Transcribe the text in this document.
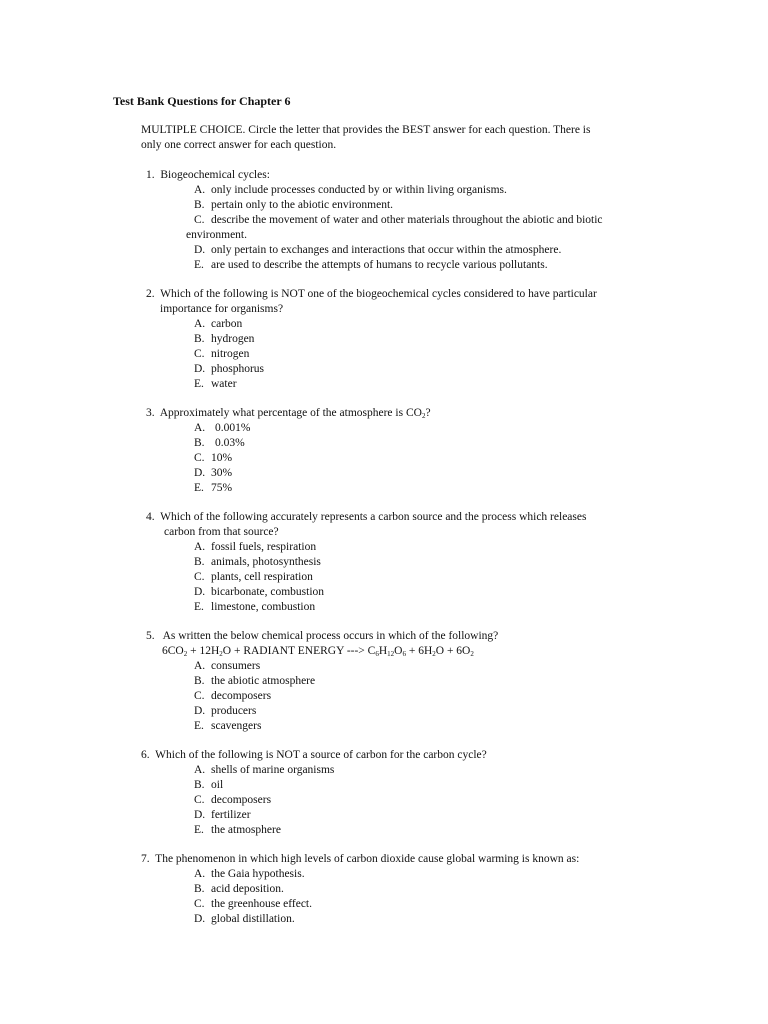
Test Bank Questions for Chapter 6
MULTIPLE CHOICE. Circle the letter that provides the BEST answer for each question. There is
only one correct answer for each question.
1. Biogeochemical cycles:
A. only include processes conducted by or within living organisms.
B. pertain only to the abiotic environment.
C. describe the movement of water and other materials throughout the abiotic and biotic
environment.
D. only pertain to exchanges and interactions that occur within the atmosphere.
E. are used to describe the attempts of humans to recycle various pollutants.
2. Which of the following is NOT one of the biogeochemical cycles considered to have particular
importance for organisms?
A. carbon
B. hydrogen
C. nitrogen
D. phosphorus
E. water
3. Approximately what percentage of the atmosphere is $CO_2$?
A. 0.001%
B. 0.03%
C. 10%
D. 30%
E. 75%
4. Which of the following accurately represents a carbon source and the process which releases
carbon from that source?
A. fossil fuels, respiration
B. animals, photosynthesis
C. plants, cell respiration
D. bicarbonate, combustion
E. limestone, combustion
5. As written the below chemical process occurs in which of the following?
$6CO_2 + 12H_2O$ + RADIANT ENERGY ---> $C_6H_{12}O_6 + 6H_2O + 6O_2$
A. consumers
B. the abiotic atmosphere
C. decomposers
D. producers
E. scavengers
6. Which of the following is NOT a source of carbon for the carbon cycle?
A. shells of marine organisms
B. oil
C. decomposers
D. fertilizer
E. the atmosphere
7. The phenomenon in which high levels of carbon dioxide cause global warming is known as:
A. the Gaia hypothesis.
B. acid deposition.
C. the greenhouse effect.
D. global distillation.
